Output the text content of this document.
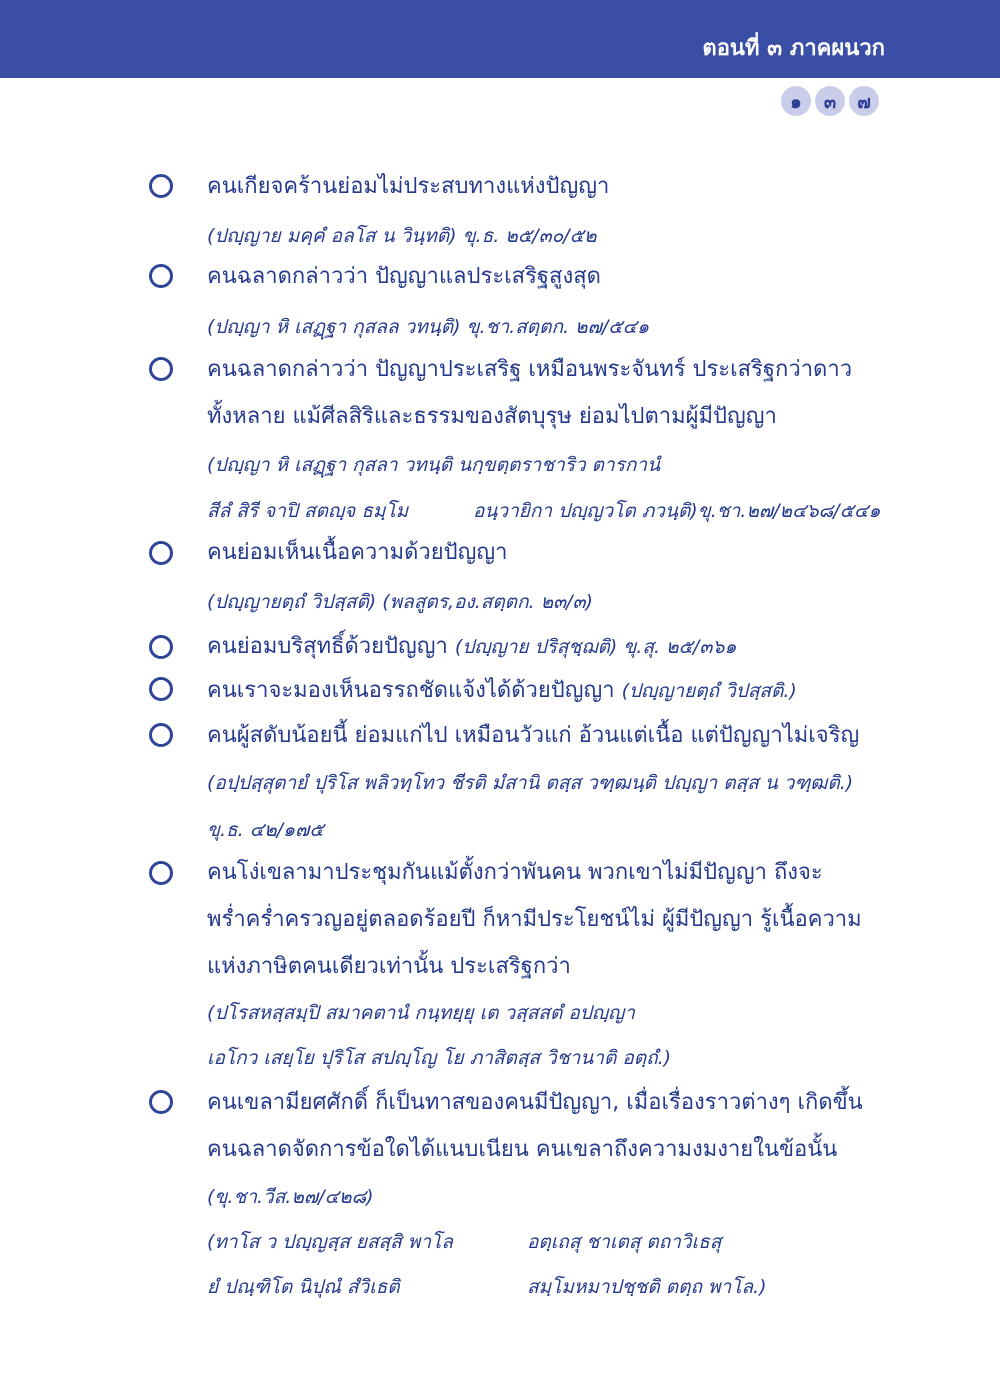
ตอนที่ ๓ ภาคผนวก
๑	๓	๗
คนเกียจคร้านย่อมไม่ประสบทางแห่งปัญญา
(ปญฺญาย มคฺคํ อลโส น วินฺทติ) ขุ.ธ. ๒๕/๓๐/๕๒
คนฉลาดกล่าวว่า ปัญญาแลประเสริฐสูงสุด
(ปญฺญา หิ เสฏฺฐา กุสลล วทนฺติ) ขุ.ชา.สตฺตก. ๒๗/๕๔๑
คนฉลาดกล่าวว่า ปัญญาประเสริฐ เหมือนพระจันทร์ ประเสริฐกว่าดาว
ทั้งหลาย แม้ศีลสิริและธรรมของสัตบุรุษ ย่อมไปตามผู้มีปัญญา
(ปญฺญา หิ เสฏฺฐา กุสลา วทนฺติ นกฺขตฺตราชาริว ตารกานํ
สีลํ สิรี จาปิ สตญฺจ ธมฺโม	อนฺวายิกา ปญฺญวโต ภวนฺติ)ขุ.ชา.๒๗/๒๔๖๘/๕๔๑
คนย่อมเห็นเนื้อความด้วยปัญญา
(ปญฺญายตฺถํ วิปสฺสติ) (พลสูตร,อง.สตฺตก. ๒๓/๓)
คนย่อมบริสุทธิ์ด้วยปัญญา (ปญฺญาย ปริสุชฺฌติ) ขุ.สุ. ๒๕/๓๖๑
คนเราจะมองเห็นอรรถชัดแจ้งได้ด้วยปัญญา (ปญฺญายตฺถํ วิปสฺสติ.)
คนผู้สดับน้อยนี้ ย่อมแก่ไป เหมือนวัวแก่ อ้วนแต่เนื้อ แต่ปัญญาไม่เจริญ
(อปฺปสฺสุตายํ ปุริโส พลิวทฺโทว ชีรติ มํสานิ ตสฺส วฑฺฒนฺติ ปญฺญา ตสฺส น วฑฺฒติ.)
ขุ.ธ. ๔๒/๑๗๕
คนโง่เขลามาประชุมกันแม้ตั้งกว่าพันคน พวกเขาไม่มีปัญญา ถึงจะ
พร่ำคร่ำครวญอยู่ตลอดร้อยปี ก็หามีประโยชน์ไม่ ผู้มีปัญญา รู้เนื้อความ
แห่งภาษิตคนเดียวเท่านั้น ประเสริฐกว่า
(ปโรสหสฺสมฺปิ สมาคตานํ กนฺทยฺยุ เต วสฺสสตํ อปญฺญา
เอโกว เสยฺโย ปุริโส สปญฺโญ โย ภาสิตสฺส วิชานาติ อตฺถํ.)
คนเขลามียศศักดิ์ ก็เป็นทาสของคนมีปัญญา, เมื่อเรื่องราวต่างๆ เกิดขึ้น
คนฉลาดจัดการข้อใดได้แนบเนียน คนเขลาถึงความงมงายในข้อนั้น
(ขุ.ชา.วีส.๒๗/๔๒๘)
(ทาโส ว ปญฺญสฺส ยสสฺสิ พาโล	อตฺเถสุ ชาเตสุ ตถาวิเธสุ
ยํ ปณฺฑิโต นิปุณํ สํวิเธติ	สมฺโมหมาปชฺชติ ตตฺถ พาโล.)
